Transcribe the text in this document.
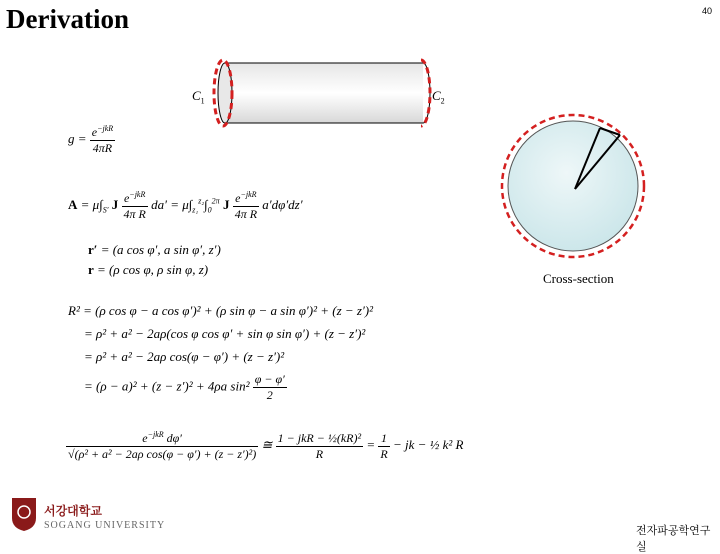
Derivation	40
$C_1$	$C_2$
$g = \frac{e^{-jkR}}{4\pi R}$
$A = \mu\int_{S'}$ J $\frac{e^{-jkR}}{\text{4π R}} da' = \mu\int_{z_1}^{z_2}\int_0^{2\pi}$ J $\frac{e^{-jkR}}{\text{4π R}} a'd\varphi'dz'$
r′ = (a cos φ′, a sin φ′, z′)
r = (ρ cos φ, ρ sin φ, z)
R² = (ρ cos φ − a cos φ′)² + (ρ sin φ − a sin φ′)² + (z − z′)²
= ρ² + a² − 2aρ(cos φ cos φ′ + sin φ sin φ′) + (z − z′)²
= ρ² + a² − 2aρ cos(φ − φ′) + (z − z′)²
= (ρ − a)² + (z − z′)² + 4ρa $\sin^2 \frac{\varphi - \varphi'}{2}$
$\frac{e^{-jkR} d\varphi'}{\text{√(ρ² + a² − 2aρ cos(φ − φ′) + (z − z′)²)}}$ ≅ $\frac{\text{1 − jkR − ½(kR)²}}{R} = \frac{1}{R}$ − jk − ½ k² R
Cross-section
서강대학교
SOGANG UNIVERSITY	전자파공학연구실
